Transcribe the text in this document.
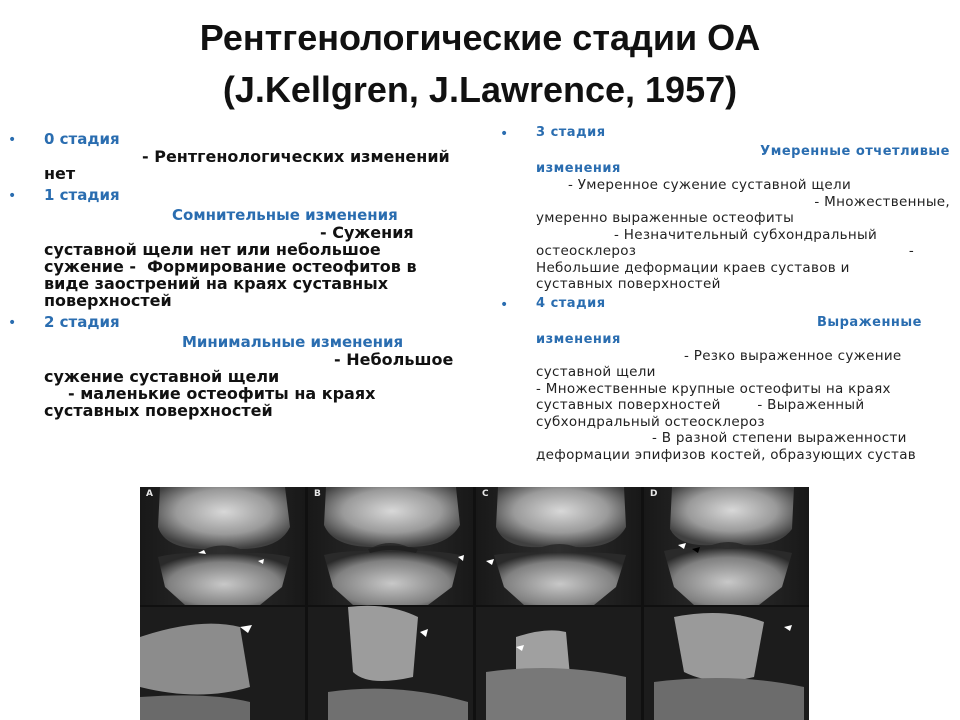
Рентгенологические стадии ОА
(J.Kellgren, J.Lawrence, 1957)
• 0 стадия
- Рентгенологических изменений
нет
• 1 стадия
Сомнительные изменения
- Сужения
суставной щели нет или небольшое
сужение -  Формирование остеофитов в
виде заострений на краях суставных
поверхностей
• 2 стадия
Минимальные изменения
- Небольшое
сужение суставной щели
- маленькие остеофиты на краях
суставных поверхностей
• 3 стадия
Умеренные отчетливые
изменения
- Умеренное сужение суставной щели
- Множественные,
умеренно выраженные остеофиты
- Незначительный субхондральный
остеосклероз	-
Небольшие деформации краев суставов и
суставных поверхностей
• 4 стадия
Выраженные
изменения
- Резко выраженное сужение
суставной щели
- Множественные крупные остеофиты на краях
суставных поверхностей        - Выраженный
субхондральный остеосклероз
- В разной степени выраженности
деформации эпифизов костей, образующих сустав
A	B	C	D
